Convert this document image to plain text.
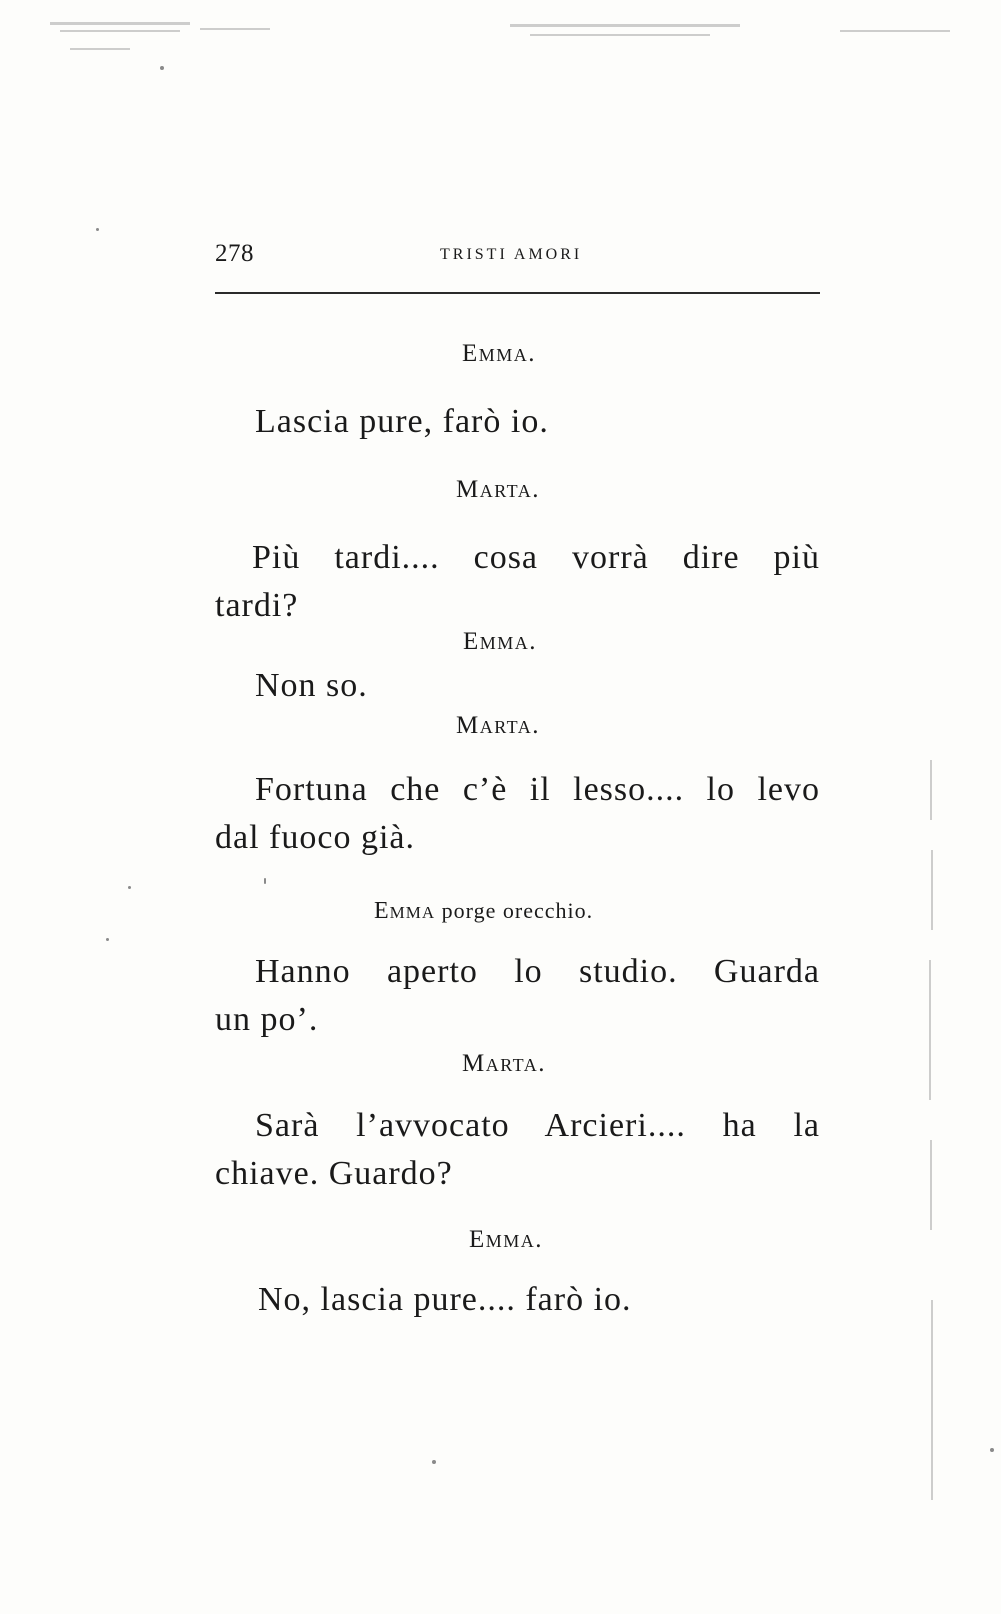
278	TRISTI AMORI
Emma.
Lascia pure, farò io.
Marta.
Più tardi.... cosa vorrà dire più
tardi?
Emma.
Non so.
Marta.
Fortuna che c’è il lesso.... lo levo
dal fuoco già.
Emma porge orecchio.
Hanno aperto lo studio. Guarda
un po’.
Marta.
Sarà l’avvocato Arcieri.... ha la
chiave. Guardo?
Emma.
No, lascia pure.... farò io.
